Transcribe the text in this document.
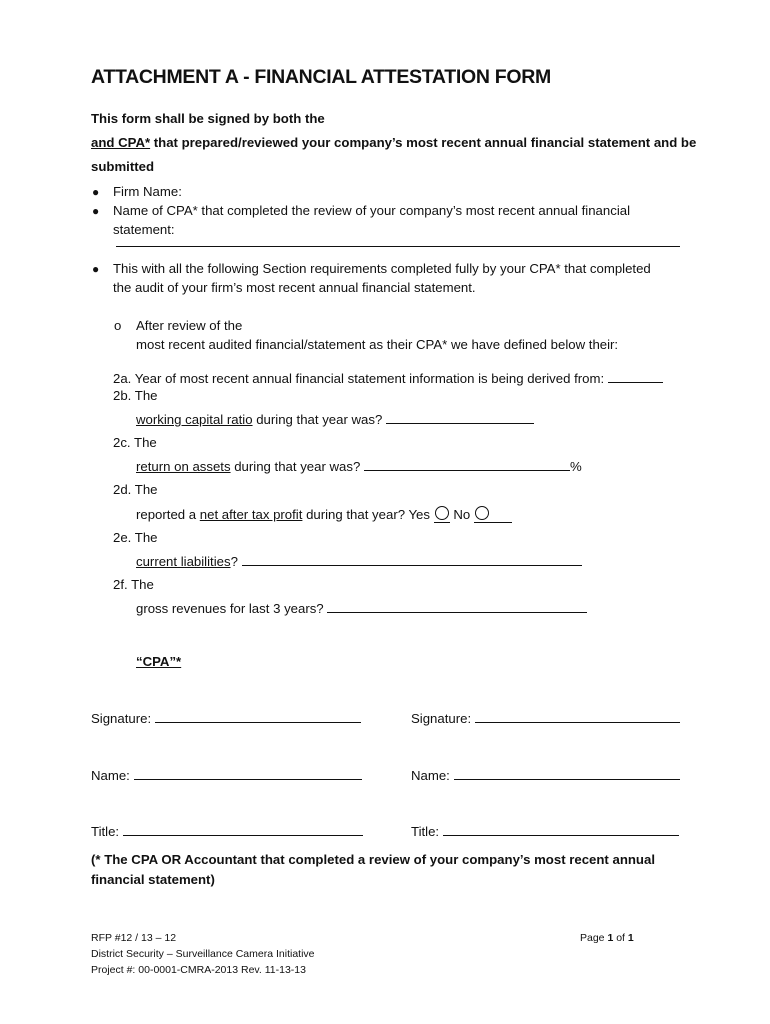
ATTACHMENT A - FINANCIAL ATTESTATION FORM
This form shall be signed by both the
and CPA* that prepared/reviewed your company’s most recent annual financial statement and be
submitted
● Firm Name:
● Name of CPA* that completed the review of your company’s most recent annual financial
statement:
● This with all the following Section requirements completed fully by your CPA* that completed
the audit of your firm’s most recent annual financial statement.
o After review of the
most recent audited financial/statement as their CPA* we have defined below their:
2a. Year of most recent annual financial statement information is being derived from:
2b. The
working capital ratio during that year was?
2c. The
return on assets during that year was?	%
2d. The
reported a net after tax profit during that year? Yes No
2e. The
current liabilities?
2f. The
gross revenues for last 3 years?
“CPA”*
Signature:	Signature:
Name:	Name:
Title:	Title:
(* The CPA OR Accountant that completed a review of your company’s most recent annual
financial statement)
RFP #12 / 13 – 12
District Security – Surveillance Camera Initiative
Project #: 00-0001-CMRA-2013 Rev. 11-13-13
Page 1 of 1
